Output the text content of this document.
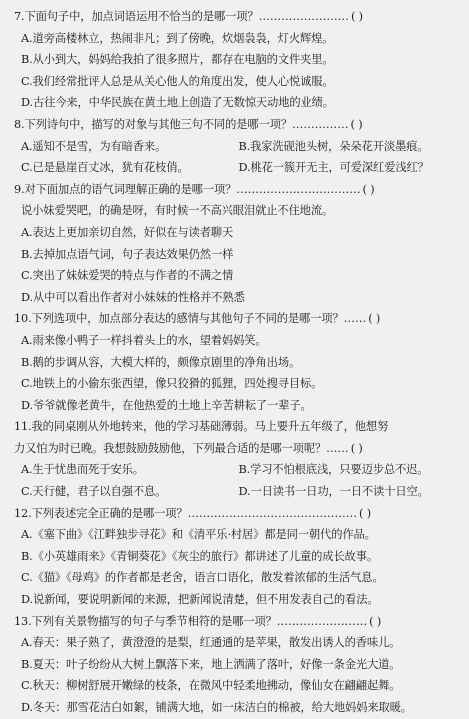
7.下面句子中，加点词语运用不恰当的是哪一项？…………………… ( )
A.道旁高楼林立，热闹非凡；到了傍晚，炊烟袅袅，灯火辉煌。
B.从小到大，妈妈给我拍了很多照片，都存在电脑的文件夹里。
C.我们经常批评人总是从关心他人的角度出发，使人心悦诚服。
D.古往今来，中华民族在黄土地上创造了无数惊天动地的业绩。
8.下列诗句中，描写的对象与其他三句不同的是哪一项？…………… ( )
A.遥知不是雪，为有暗香来。	B.我家洗砚池头树，朵朵花开淡墨痕。
C.已是悬崖百丈冰，犹有花枝俏。	D.桃花一簇开无主，可爱深红爱浅红？
9.对下面加点的语气词理解正确的是哪一项？…………………………… ( )
说小妹爱哭吧，的确是呀，有时候一不高兴眼泪就止不住地流。
A.表达上更加亲切自然，好似在与读者聊天
B.去掉加点语气词，句子表达效果仍然一样
C.突出了妹妹爱哭的特点与作者的不满之情
D.从中可以看出作者对小妹妹的性格并不熟悉
10.下列选项中，加点部分表达的感情与其他句子不同的是哪一项？…… ( )
A.雨来像小鸭子一样抖着头上的水，望着妈妈笑。
B.鹅的步调从容，大模大样的，颇像京剧里的净角出场。
C.地铁上的小偷东张西望，像只狡猾的狐狸，四处搜寻目标。
D.爷爷就像老黄牛，在他热爱的土地上辛苦耕耘了一辈子。
11.我的同桌刚从外地转来，他的学习基础薄弱。马上要升五年级了，他想努
力又怕为时已晚。我想鼓励鼓励他，下列最合适的是哪一项呢？…… ( )
A.生于忧患而死于安乐。	B.学习不怕根底浅，只要迈步总不迟。
C.天行健，君子以自强不息。	D.一日读书一日功，一日不读十日空。
12.下列表述完全正确的是哪一项？……………………………………… ( )
A.《塞下曲》《江畔独步寻花》和《清平乐·村居》都是同一朝代的作品。
B.《小英雄雨来》《青铜葵花》《灰尘的旅行》都讲述了儿童的成长故事。
C.《猫》《母鸡》的作者都是老舍，语言口语化，散发着浓郁的生活气息。
D.说新闻，要说明新闻的来源，把新闻说清楚，但不用发表自己的看法。
13.下列有关景物描写的句子与季节相符的是哪一项？…………………… ( )
A.春天：果子熟了，黄澄澄的是梨，红通通的是苹果，散发出诱人的香味儿。
B.夏天：叶子纷纷从大树上飘落下来，地上洒满了落叶，好像一条金光大道。
C.秋天：柳树舒展开嫩绿的枝条，在微风中轻柔地拂动，像仙女在翩翩起舞。
D.冬天：那雪花洁白如絮，铺满大地，如一床洁白的棉被，给大地妈妈来取暖。
